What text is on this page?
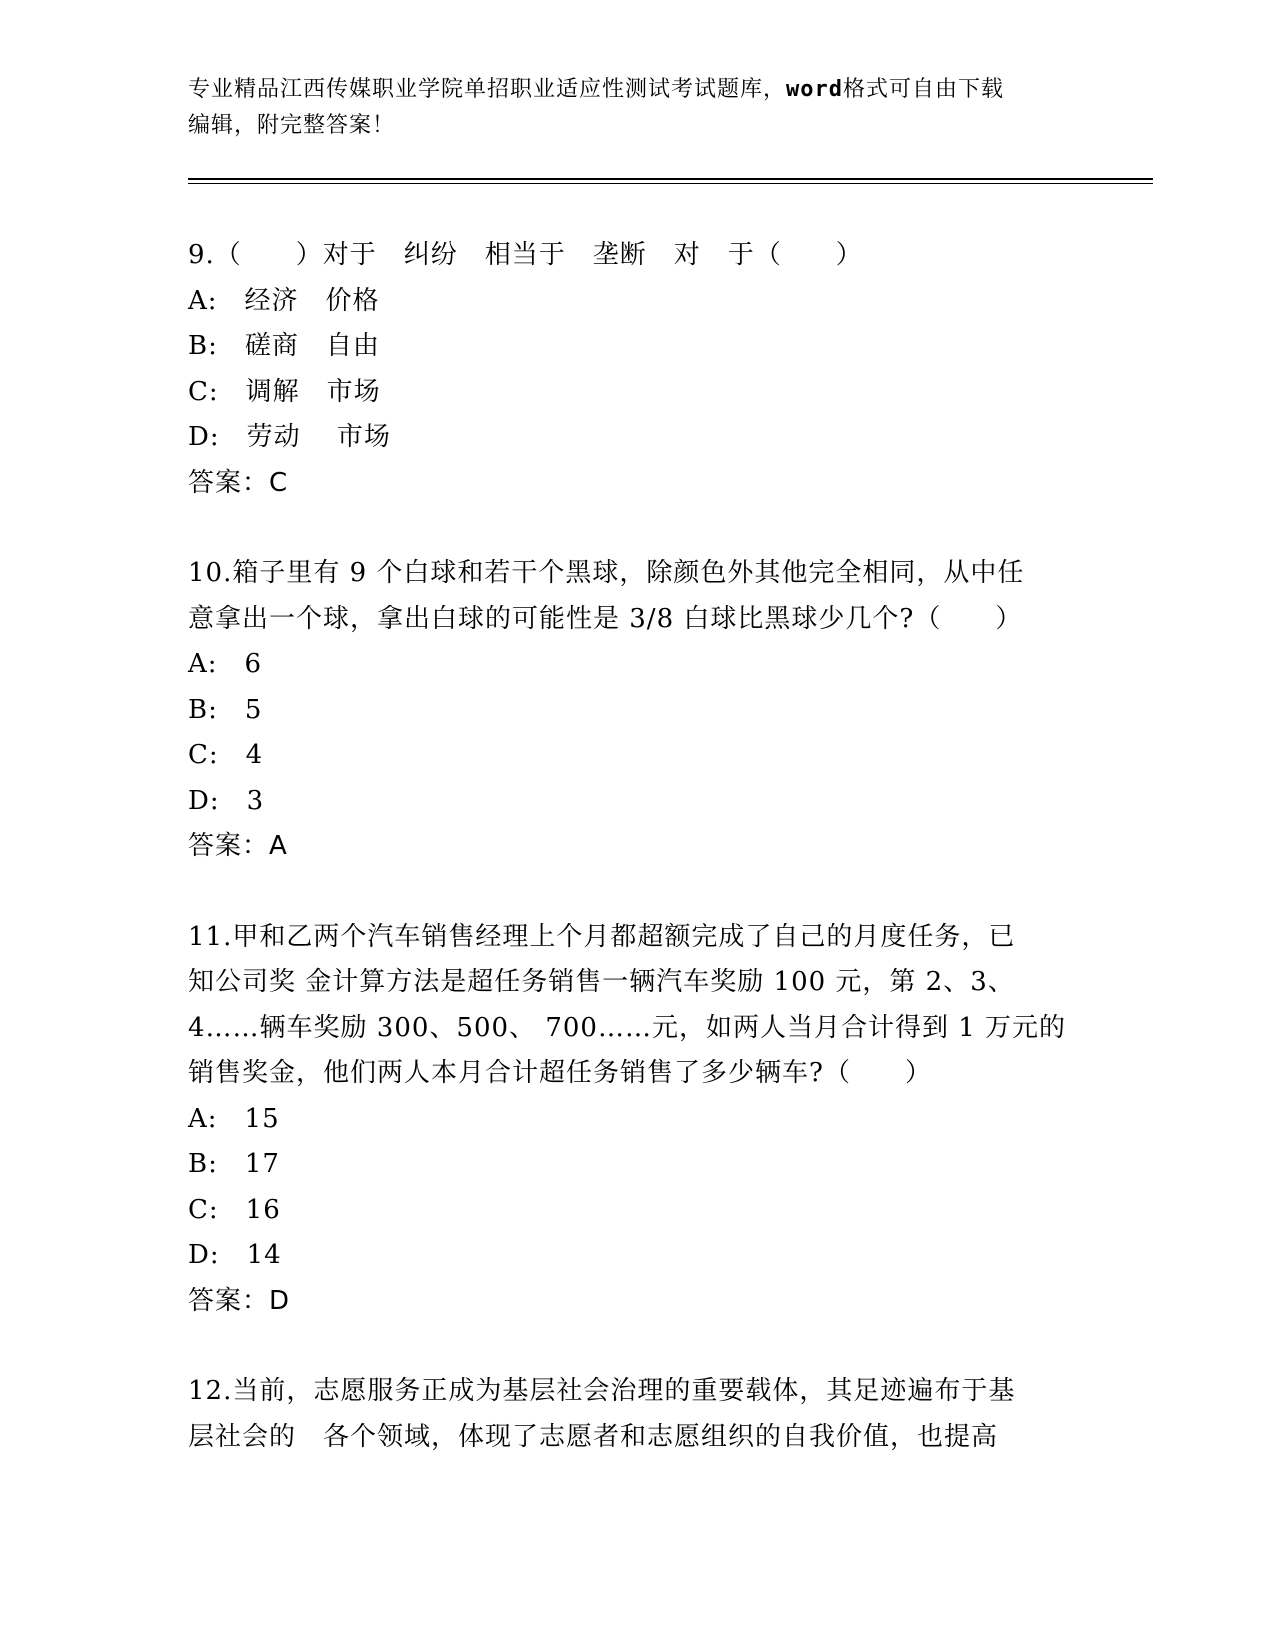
专业精品江西传媒职业学院单招职业适应性测试考试题库，word格式可自由下载
编辑，附完整答案！
9.（　　）对于　纠纷　相当于　垄断　对　于（　　）
A:　经济　价格
B:　磋商　自由
C:　调解　市场
D:　劳动　 市场
答案：C
10.箱子里有 9 个白球和若干个黑球，除颜色外其他完全相同，从中任
意拿出一个球，拿出白球的可能性是 3/8 白球比黑球少几个?（　　）
A:　6
B:　5
C:　4
D:　3
答案：A
11.甲和乙两个汽车销售经理上个月都超额完成了自己的月度任务，已
知公司奖 金计算方法是超任务销售一辆汽车奖励 100 元，第 2、3、
4……辆车奖励 300、500、 700……元，如两人当月合计得到 1 万元的
销售奖金，他们两人本月合计超任务销售了多少辆车?（　　）
A:　15
B:　17
C:　16
D:　14
答案：D
12.当前，志愿服务正成为基层社会治理的重要载体，其足迹遍布于基
层社会的　各个领域，体现了志愿者和志愿组织的自我价值，也提高
